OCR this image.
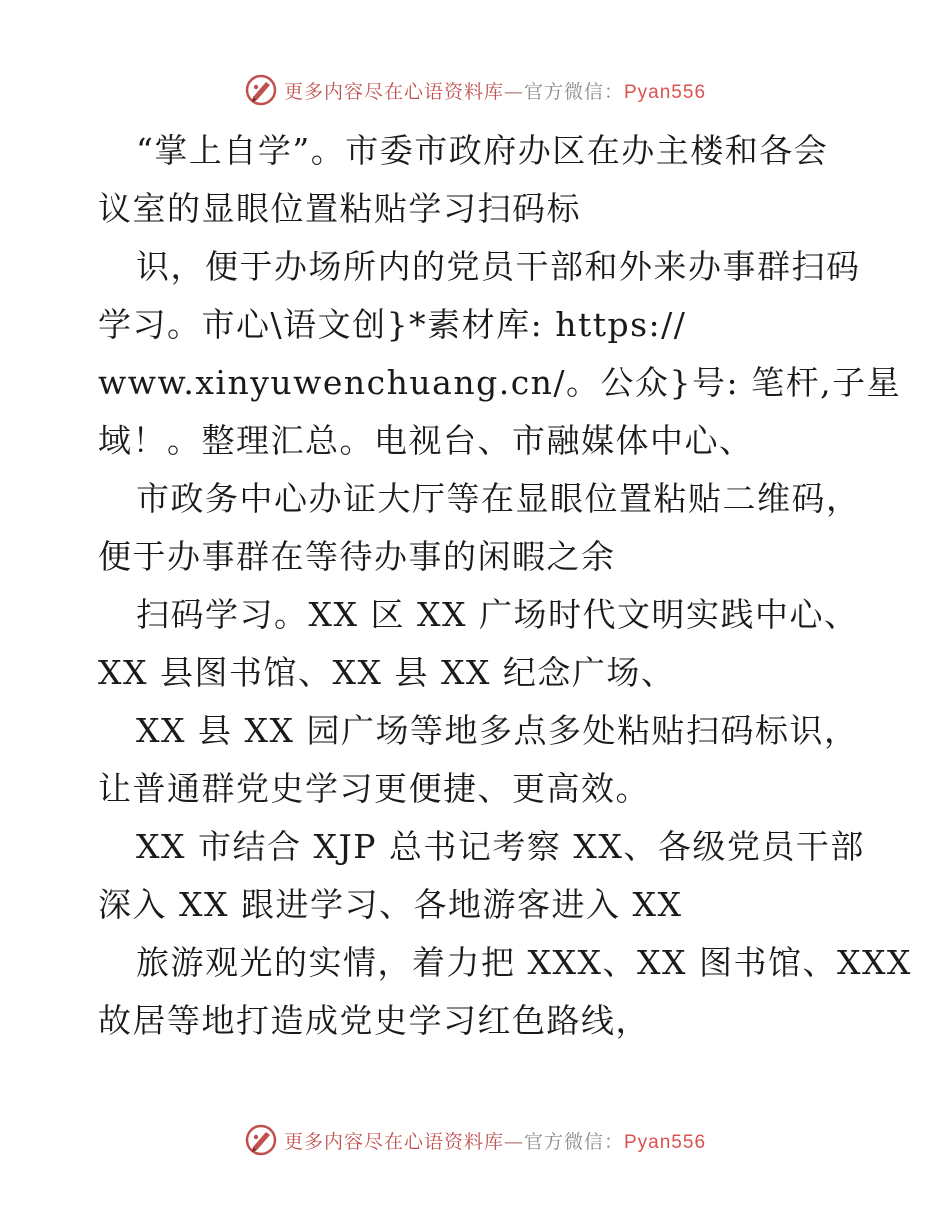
更多内容尽在心语资料库—官方微信：Pyan556
“掌上自学”。市委市政府办区在办主楼和各会
议室的显眼位置粘贴学习扫码标
识，便于办场所内的党员干部和外来办事群扫码
学习。市心\语文创}*素材库: https://
www.xinyuwenchuang.cn/。公众}号: 笔杆,子星
域！。整理汇总。电视台、市融媒体中心、
市政务中心办证大厅等在显眼位置粘贴二维码，
便于办事群在等待办事的闲暇之余
扫码学习。XX 区 XX 广场时代文明实践中心、
XX 县图书馆、XX 县 XX 纪念广场、
XX 县 XX 园广场等地多点多处粘贴扫码标识，
让普通群党史学习更便捷、更高效。
XX 市结合 XJP 总书记考察 XX、各级党员干部
深入 XX 跟进学习、各地游客进入 XX
旅游观光的实情，着力把 XXX、XX 图书馆、XXX
故居等地打造成党史学习红色路线，
更多内容尽在心语资料库—官方微信：Pyan556
